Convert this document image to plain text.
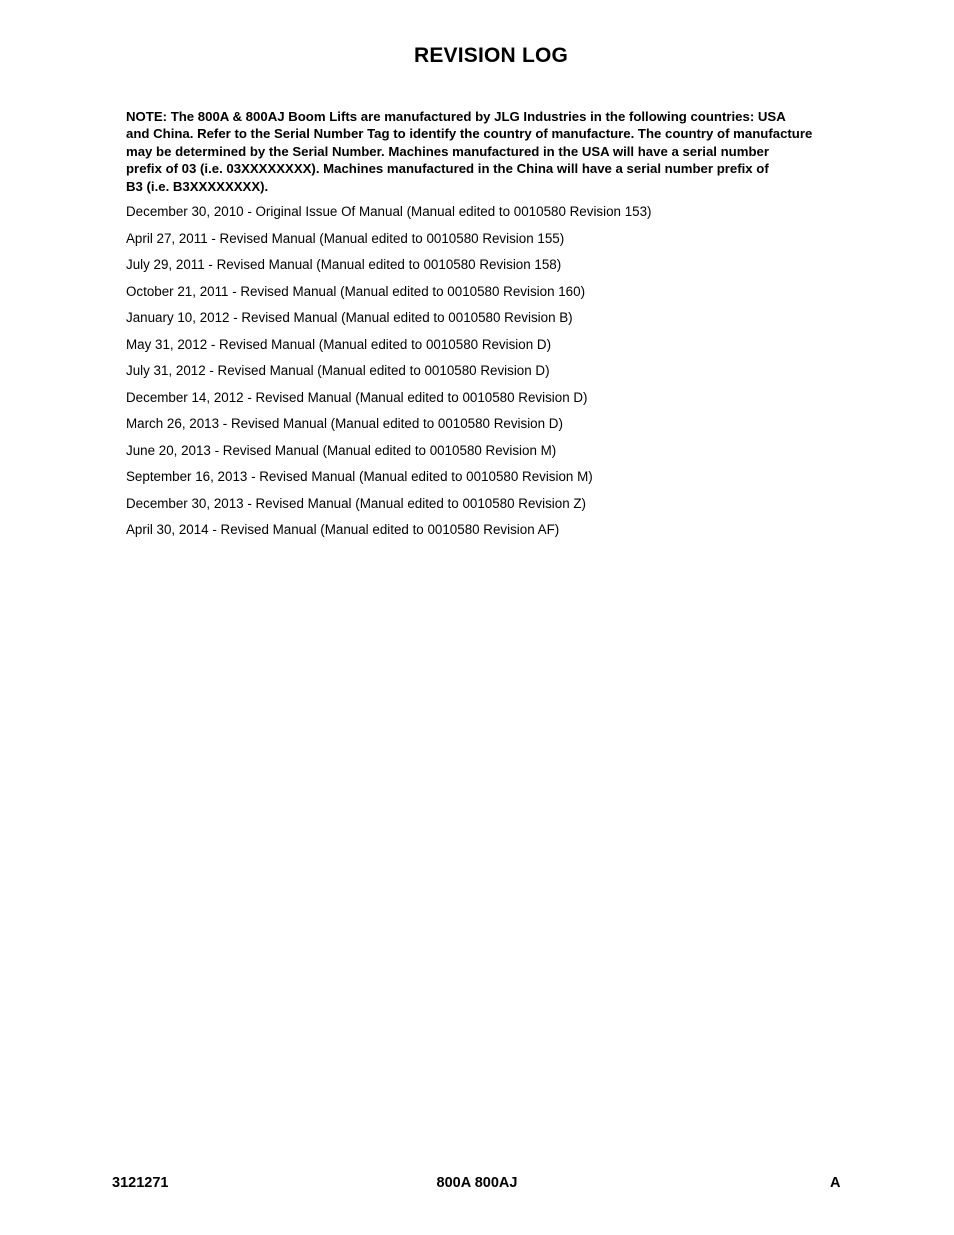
REVISION LOG
NOTE: The 800A & 800AJ Boom Lifts are manufactured by JLG Industries in the following countries: USA
and China. Refer to the Serial Number Tag to identify the country of manufacture. The country of manufacture
may be determined by the Serial Number. Machines manufactured in the USA will have a serial number
prefix of 03 (i.e. 03XXXXXXXX). Machines manufactured in the China will have a serial number prefix of
B3 (i.e. B3XXXXXXXX).
December 30, 2010 - Original Issue Of Manual (Manual edited to 0010580 Revision 153)
April 27, 2011 - Revised Manual (Manual edited to 0010580 Revision 155)
July 29, 2011 - Revised Manual (Manual edited to 0010580 Revision 158)
October 21, 2011 - Revised Manual (Manual edited to 0010580 Revision 160)
January 10, 2012 - Revised Manual (Manual edited to 0010580 Revision B)
May 31, 2012 - Revised Manual (Manual edited to 0010580 Revision D)
July 31, 2012 - Revised Manual (Manual edited to 0010580 Revision D)
December 14, 2012 - Revised Manual (Manual edited to 0010580 Revision D)
March 26, 2013 - Revised Manual (Manual edited to 0010580 Revision D)
June 20, 2013 - Revised Manual (Manual edited to 0010580 Revision M)
September 16, 2013 - Revised Manual (Manual edited to 0010580 Revision M)
December 30, 2013 - Revised Manual (Manual edited to 0010580 Revision Z)
April 30, 2014 - Revised Manual (Manual edited to 0010580 Revision AF)
3121271	800A 800AJ	A
